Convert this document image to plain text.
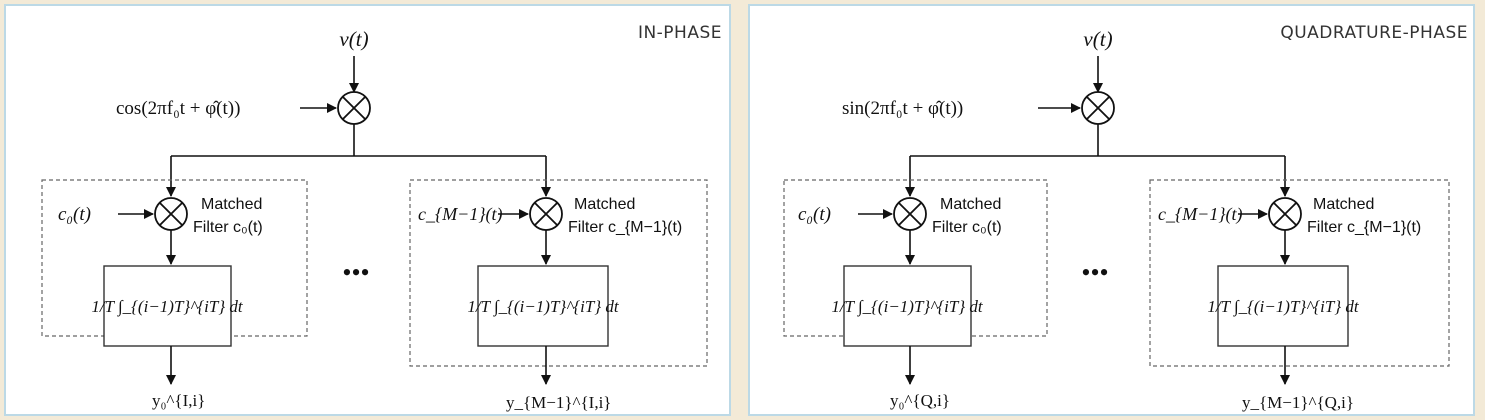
IN-PHASE
v(t)
cos(2πf₀t + φ̂(t))
c₀(t)	Matched
Filter c₀(t)
1/T ∫_{(i−1)T}^{iT} dt
y₀^{I,i}
•••
c_{M−1}(t)	Matched
Filter c_{M−1}(t)
1/T ∫_{(i−1)T}^{iT} dt
y_{M−1}^{I,i}
QUADRATURE-PHASE
v(t)
sin(2πf₀t + φ̂(t))
c₀(t)	Matched
Filter c₀(t)
1/T ∫_{(i−1)T}^{iT} dt
y₀^{Q,i}
•••
c_{M−1}(t)	Matched
Filter c_{M−1}(t)
1/T ∫_{(i−1)T}^{iT} dt
y_{M−1}^{Q,i}
